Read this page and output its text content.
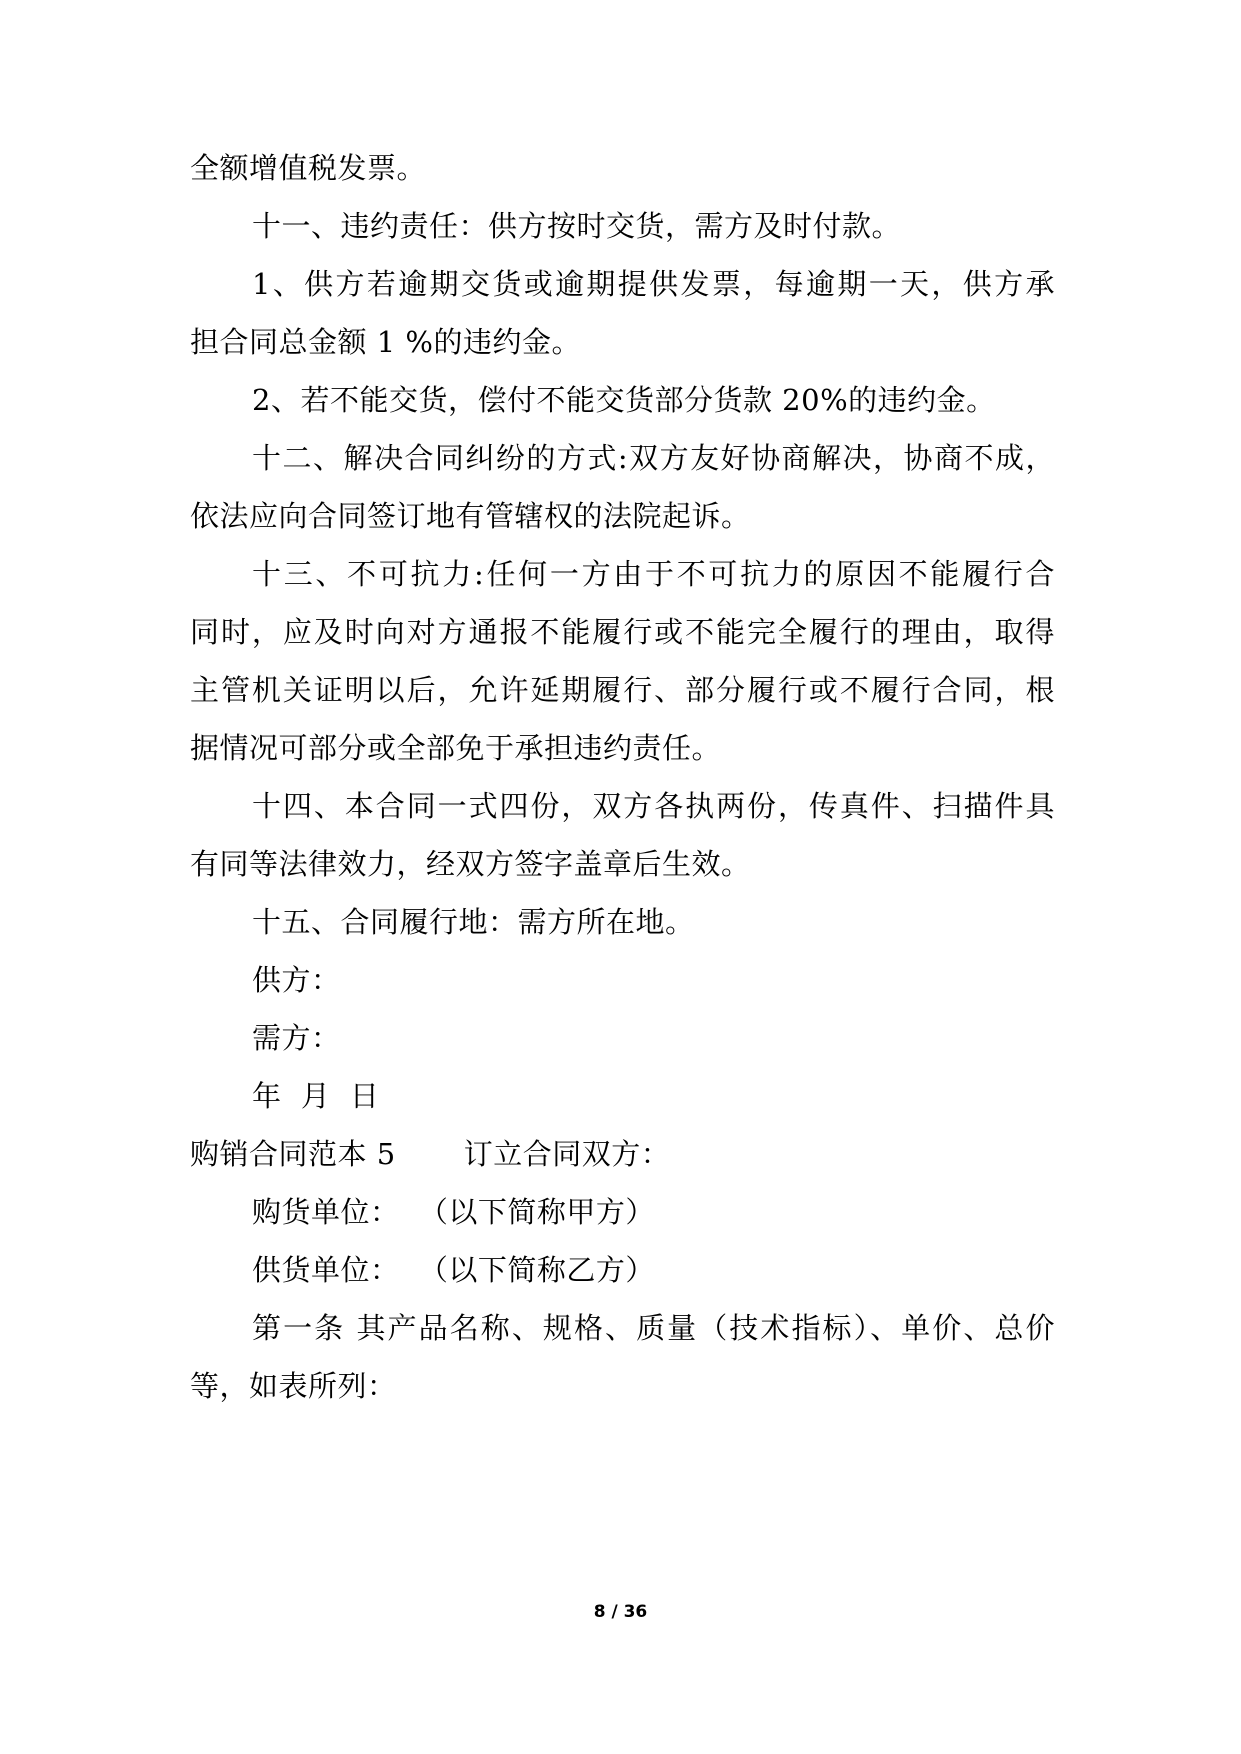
全额增值税发票。
十一、违约责任：供方按时交货，需方及时付款。
1、供方若逾期交货或逾期提供发票，每逾期一天，供方承
担合同总金额 1 %的违约金。
2、若不能交货，偿付不能交货部分货款 20%的违约金。
十二、解决合同纠纷的方式:双方友好协商解决，协商不成，
依法应向合同签订地有管辖权的法院起诉。
十三、不可抗力:任何一方由于不可抗力的原因不能履行合
同时，应及时向对方通报不能履行或不能完全履行的理由，取得
主管机关证明以后，允许延期履行、部分履行或不履行合同，根
据情况可部分或全部免于承担违约责任。
十四、本合同一式四份，双方各执两份，传真件、扫描件具
有同等法律效力，经双方签字盖章后生效。
十五、合同履行地：需方所在地。
供方：
需方：
年  月  日
购销合同范本 5       订立合同双方：
购货单位：  （以下简称甲方）
供货单位：  （以下简称乙方）
第一条 其产品名称、规格、质量（技术指标）、单价、总价
等，如表所列：
8 / 36
